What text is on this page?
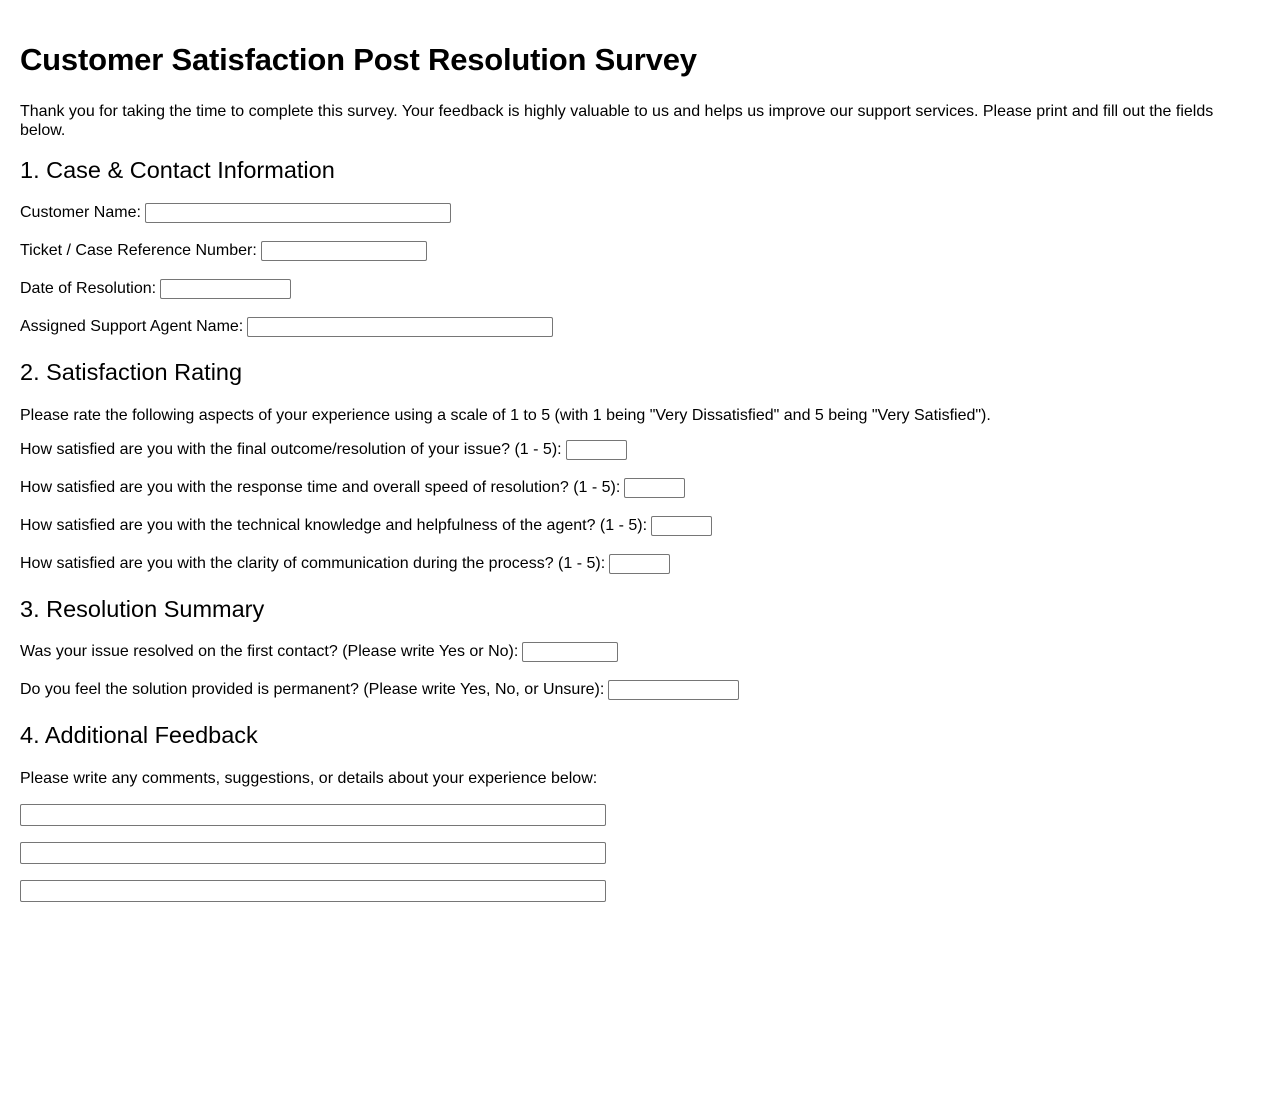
Customer Satisfaction Post Resolution Survey

Thank you for taking the time to complete this survey. Your feedback is highly valuable to us and helps us improve our support services. Please print and fill out the fields below.

1. Case & Contact Information
Customer Name:
Ticket / Case Reference Number:
Date of Resolution:
Assigned Support Agent Name:
2. Satisfaction Rating

Please rate the following aspects of your experience using a scale of 1 to 5 (with 1 being "Very Dissatisfied" and 5 being "Very Satisfied").

How satisfied are you with the final outcome/resolution of your issue? (1 - 5):
How satisfied are you with the response time and overall speed of resolution? (1 - 5):
How satisfied are you with the technical knowledge and helpfulness of the agent? (1 - 5):
How satisfied are you with the clarity of communication during the process? (1 - 5):
3. Resolution Summary
Was your issue resolved on the first contact? (Please write Yes or No):
Do you feel the solution provided is permanent? (Please write Yes, No, or Unsure):
4. Additional Feedback

Please write any comments, suggestions, or details about your experience below:
